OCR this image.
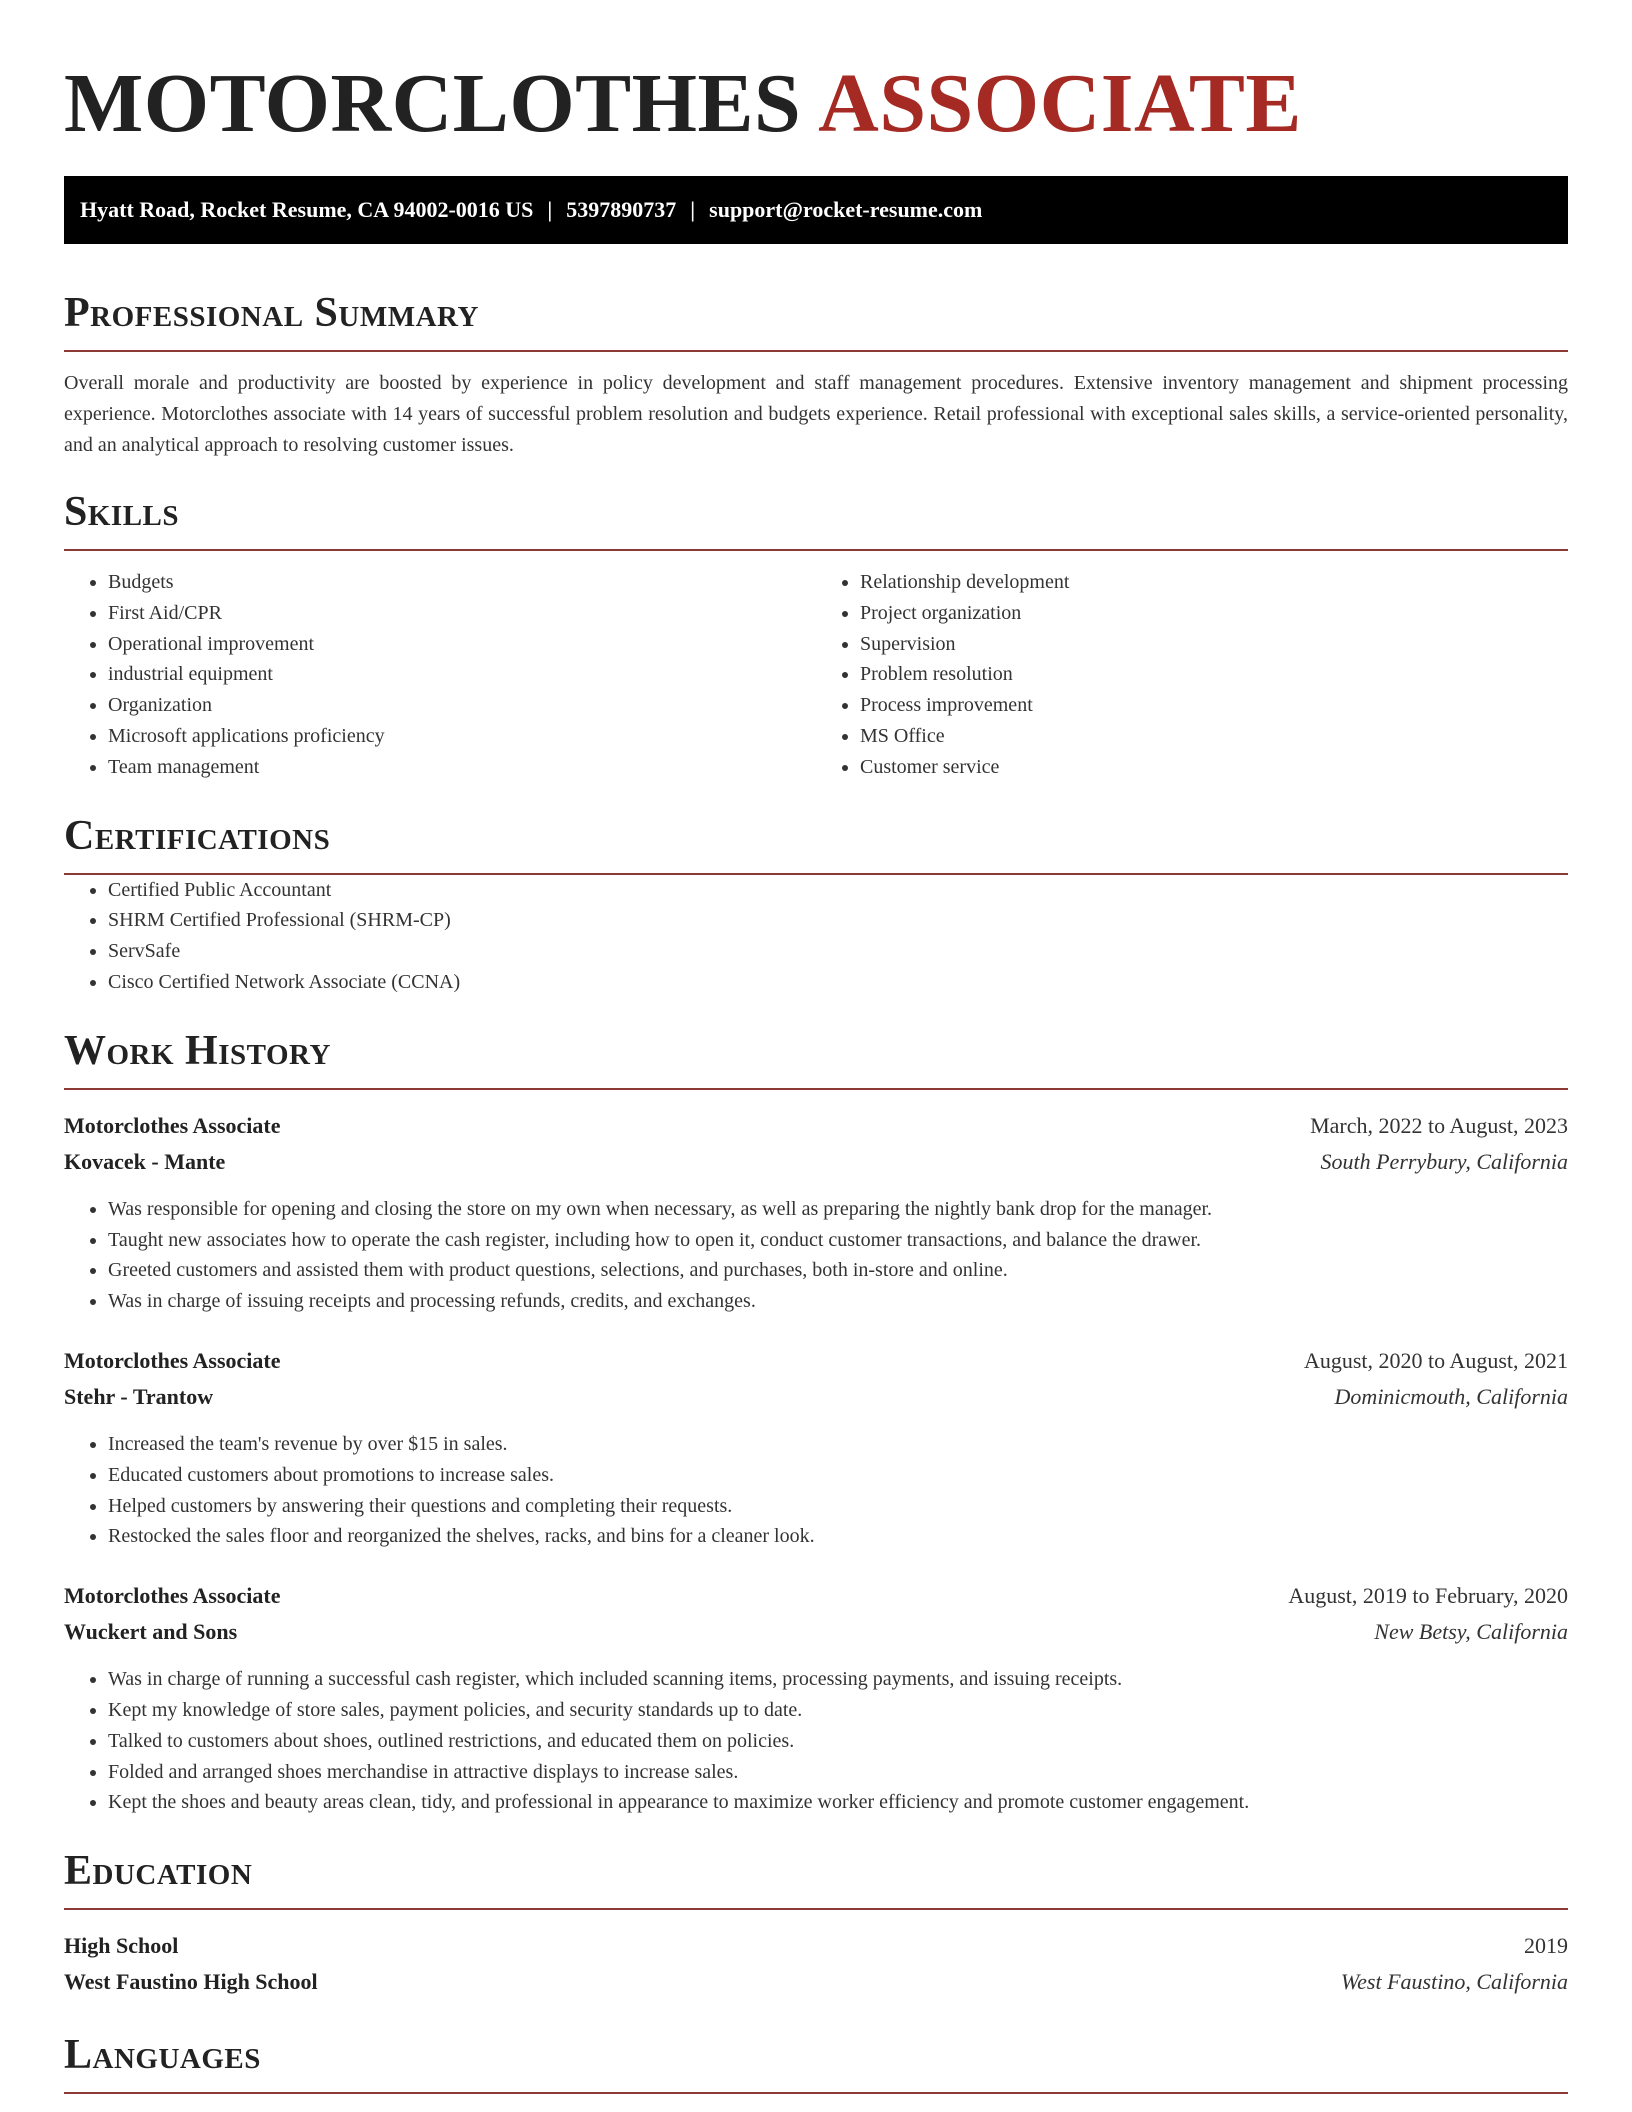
MOTORCLOTHES ASSOCIATE
Hyatt Road, Rocket Resume, CA 94002-0016 US | 5397890737 | support@rocket-resume.com
Professional Summary

Overall morale and productivity are boosted by experience in policy development and staff management procedures. Extensive inventory management and shipment processing experience. Motorclothes associate with 14 years of successful problem resolution and budgets experience. Retail professional with exceptional sales skills, a service-oriented personality, and an analytical approach to resolving customer issues.

Skills
• Budgets
• First Aid/CPR
• Operational improvement
• industrial equipment
• Organization
• Microsoft applications proficiency
• Team management
• Relationship development
• Project organization
• Supervision
• Problem resolution
• Process improvement
• MS Office
• Customer service
Certifications
• Certified Public Accountant
• SHRM Certified Professional (SHRM-CP)
• ServSafe
• Cisco Certified Network Associate (CCNA)
Work History
Motorclothes Associate	March, 2022 to August, 2023
Kovacek - Mante	South Perrybury, California
• Was responsible for opening and closing the store on my own when necessary, as well as preparing the nightly bank drop for the manager.
• Taught new associates how to operate the cash register, including how to open it, conduct customer transactions, and balance the drawer.
• Greeted customers and assisted them with product questions, selections, and purchases, both in-store and online.
• Was in charge of issuing receipts and processing refunds, credits, and exchanges.
Motorclothes Associate	August, 2020 to August, 2021
Stehr - Trantow	Dominicmouth, California
• Increased the team's revenue by over $15 in sales.
• Educated customers about promotions to increase sales.
• Helped customers by answering their questions and completing their requests.
• Restocked the sales floor and reorganized the shelves, racks, and bins for a cleaner look.
Motorclothes Associate	August, 2019 to February, 2020
Wuckert and Sons	New Betsy, California
• Was in charge of running a successful cash register, which included scanning items, processing payments, and issuing receipts.
• Kept my knowledge of store sales, payment policies, and security standards up to date.
• Talked to customers about shoes, outlined restrictions, and educated them on policies.
• Folded and arranged shoes merchandise in attractive displays to increase sales.
• Kept the shoes and beauty areas clean, tidy, and professional in appearance to maximize worker efficiency and promote customer engagement.
Education
High School	2019
West Faustino High School	West Faustino, California
Languages
